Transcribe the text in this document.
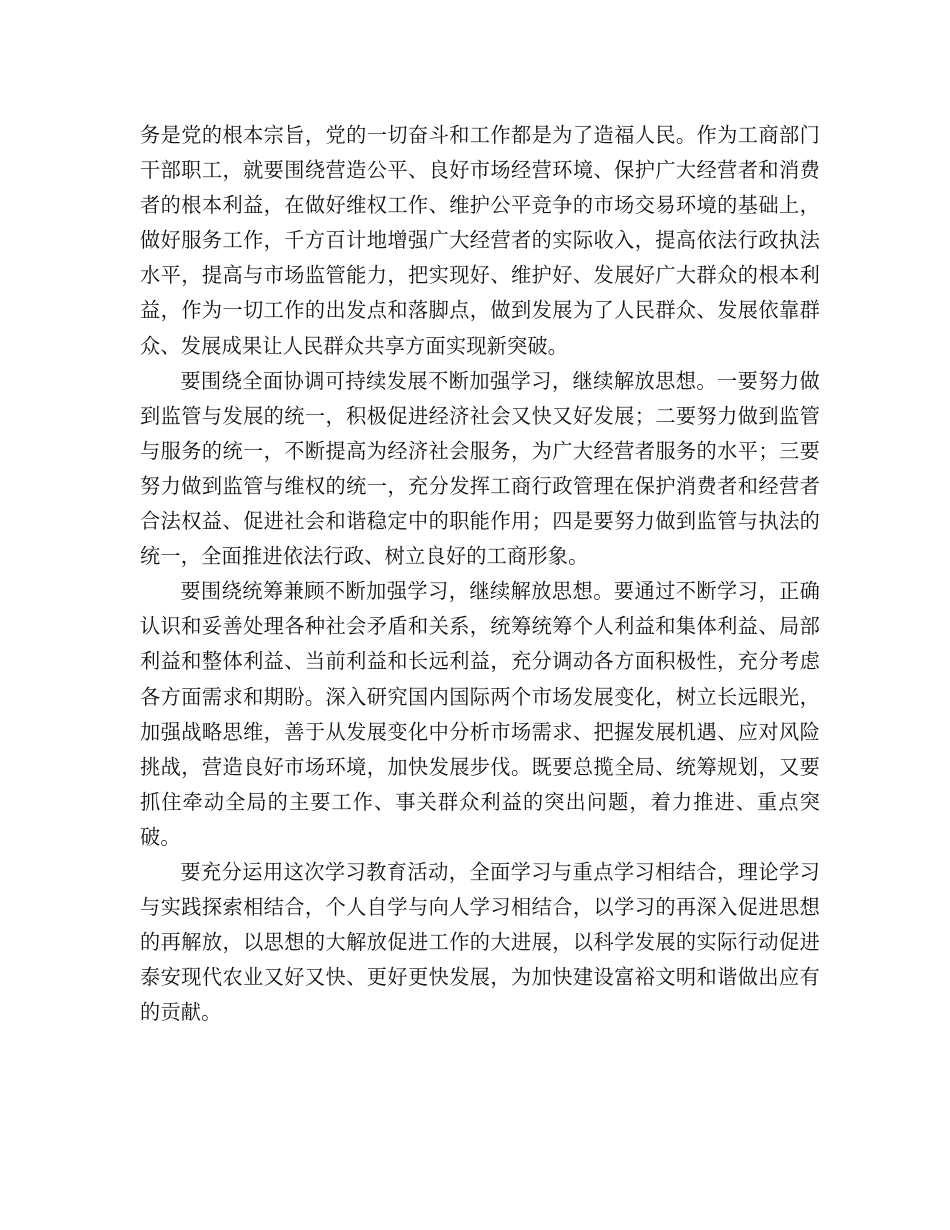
务是党的根本宗旨，党的一切奋斗和工作都是为了造福人民。作为工商部门干部职工，就要围绕营造公平、良好市场经营环境、保护广大经营者和消费者的根本利益，在做好维权工作、维护公平竞争的市场交易环境的基础上，做好服务工作，千方百计地增强广大经营者的实际收入，提高依法行政执法水平，提高与市场监管能力，把实现好、维护好、发展好广大群众的根本利益，作为一切工作的出发点和落脚点，做到发展为了人民群众、发展依靠群众、发展成果让人民群众共享方面实现新突破。

要围绕全面协调可持续发展不断加强学习，继续解放思想。一要努力做到监管与发展的统一，积极促进经济社会又快又好发展；二要努力做到监管与服务的统一，不断提高为经济社会服务，为广大经营者服务的水平；三要努力做到监管与维权的统一，充分发挥工商行政管理在保护消费者和经营者合法权益、促进社会和谐稳定中的职能作用；四是要努力做到监管与执法的统一，全面推进依法行政、树立良好的工商形象。

要围绕统筹兼顾不断加强学习，继续解放思想。要通过不断学习，正确认识和妥善处理各种社会矛盾和关系，统筹统筹个人利益和集体利益、局部利益和整体利益、当前利益和长远利益，充分调动各方面积极性，充分考虑各方面需求和期盼。深入研究国内国际两个市场发展变化，树立长远眼光，加强战略思维，善于从发展变化中分析市场需求、把握发展机遇、应对风险挑战，营造良好市场环境，加快发展步伐。既要总揽全局、统筹规划，又要抓住牵动全局的主要工作、事关群众利益的突出问题，着力推进、重点突破。

要充分运用这次学习教育活动，全面学习与重点学习相结合，理论学习与实践探索相结合，个人自学与向人学习相结合，以学习的再深入促进思想的再解放，以思想的大解放促进工作的大进展，以科学发展的实际行动促进泰安现代农业又好又快、更好更快发展，为加快建设富裕文明和谐做出应有的贡献。
